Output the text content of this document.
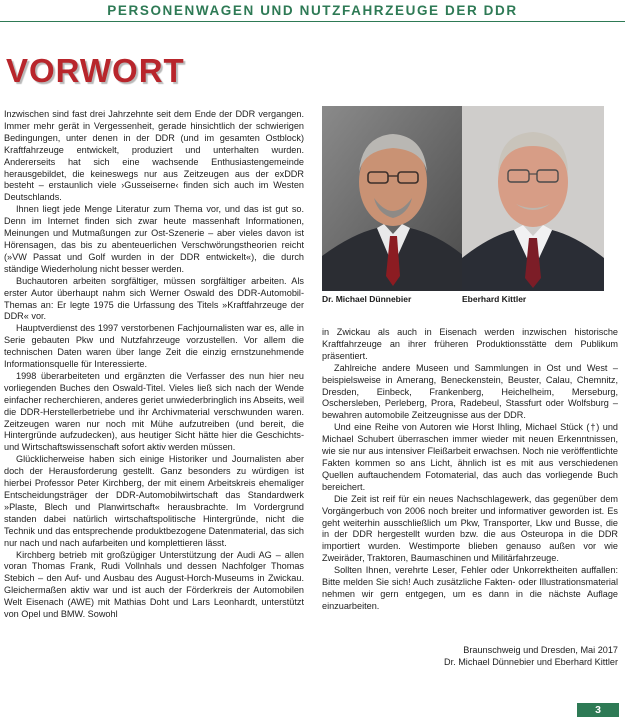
PERSONENWAGEN UND NUTZFAHRZEUGE DER DDR
VORWORT

Inzwischen sind fast drei Jahrzehnte seit dem Ende der DDR vergangen. Immer mehr gerät in Vergessenheit, gerade hinsichtlich der schwierigen Bedingungen, unter denen in der DDR (und im gesamten Ostblock) Kraftfahrzeuge entwickelt, produziert und unterhalten wurden. Andererseits hat sich eine wachsende Enthusiastengemeinde herausgebildet, die keineswegs nur aus Zeitzeugen aus der exDDR besteht – erstaunlich viele ›Gusseiserne‹ finden sich auch im Westen Deutschlands.

Ihnen liegt jede Menge Literatur zum Thema vor, und das ist gut so. Denn im Internet finden sich zwar heute massenhaft Informationen, Meinungen und Mutmaßungen zur Ost-Szenerie – aber vieles davon ist Hörensagen, das bis zu abenteuerlichen Verschwörungstheorien reicht (»VW Passat und Golf wurden in der DDR entwickelt«), die durch ständige Wiederholung nicht besser werden.

Buchautoren arbeiten sorgfältiger, müssen sorgfältiger arbeiten. Als erster Autor überhaupt nahm sich Werner Oswald des DDR-Automobil-Themas an: Er legte 1975 die Urfassung des Titels »Kraftfahrzeuge der DDR« vor.

Hauptverdienst des 1997 verstorbenen Fachjournalisten war es, alle in Serie gebauten Pkw und Nutzfahrzeuge vorzustellen. Vor allem die technischen Daten waren über lange Zeit die einzig ernstzunehmende Informationsquelle für Interessierte.

1998 überarbeiteten und ergänzten die Verfasser des nun hier neu vorliegenden Buches den Oswald-Titel. Vieles ließ sich nach der Wende einfacher recherchieren, anderes geriet unwiederbringlich ins Abseits, weil die DDR-Herstellerbetriebe und ihr Archivmaterial verschwunden waren. Zeitzeugen waren nur noch mit Mühe aufzutreiben (und bereit, die Hintergründe aufzudecken), aus heutiger Sicht hätte hier die Geschichts- und Wirtschaftswissenschaft sofort aktiv werden müssen.

Glücklicherweise haben sich einige Historiker und Journalisten aber doch der Herausforderung gestellt. Ganz besonders zu würdigen ist hierbei Professor Peter Kirchberg, der mit einem Arbeitskreis ehemaliger Entscheidungsträger der DDR-Automobilwirtschaft das Standardwerk »Plaste, Blech und Planwirtschaft« herausbrachte. Im Vordergrund standen dabei natürlich wirtschaftspolitische Hintergründe, nicht die Technik und das entsprechende produktbezogene Datenmaterial, das sich nur nach und nach aufarbeiten und komplettieren lässt.

Kirchberg betrieb mit großzügiger Unterstützung der Audi AG – allen voran Thomas Frank, Rudi Vollnhals und dessen Nachfolger Thomas Stebich – den Auf- und Ausbau des August-Horch-Museums in Zwickau. Gleichermaßen aktiv war und ist auch der Förderkreis der Automobilen Welt Eisenach (AWE) mit Mathias Doht und Lars Leonhardt, unterstützt von Opel und BMW. Sowohl

Dr. Michael Dünnebier	Eberhard Kittler

in Zwickau als auch in Eisenach werden inzwischen historische Kraftfahrzeuge an ihrer früheren Produktionsstätte dem Publikum präsentiert.

Zahlreiche andere Museen und Sammlungen in Ost und West – beispielsweise in Amerang, Beneckenstein, Beuster, Calau, Chemnitz, Dresden, Einbeck, Frankenberg, Heichelheim, Merseburg, Oschersleben, Perleberg, Prora, Radebeul, Stassfurt oder Wolfsburg – bewahren automobile Zeitzeugnisse aus der DDR.

Und eine Reihe von Autoren wie Horst Ihling, Michael Stück (†) und Michael Schubert überraschen immer wieder mit neuen Erkenntnissen, wie sie nur aus intensiver Fleißarbeit erwachsen. Noch nie veröffentlichte Fakten kommen so ans Licht, ähnlich ist es mit aus verschiedenen Quellen auftauchendem Fotomaterial, das auch das vorliegende Buch bereichert.

Die Zeit ist reif für ein neues Nachschlagewerk, das gegenüber dem Vorgängerbuch von 2006 noch breiter und informativer geworden ist. Es geht weiterhin ausschließlich um Pkw, Transporter, Lkw und Busse, die in der DDR hergestellt wurden bzw. die aus Osteuropa in die DDR importiert wurden. Westimporte blieben genauso außen vor wie Zweiräder, Traktoren, Baumaschinen und Militärfahrzeuge.

Sollten Ihnen, verehrte Leser, Fehler oder Unkorrektheiten auffallen: Bitte melden Sie sich! Auch zusätzliche Fakten- oder Illustrationsmaterial nehmen wir gern entgegen, um es dann in die nächste Auflage einzuarbeiten.

Braunschweig und Dresden, Mai 2017
Dr. Michael Dünnebier und Eberhard Kittler
3
